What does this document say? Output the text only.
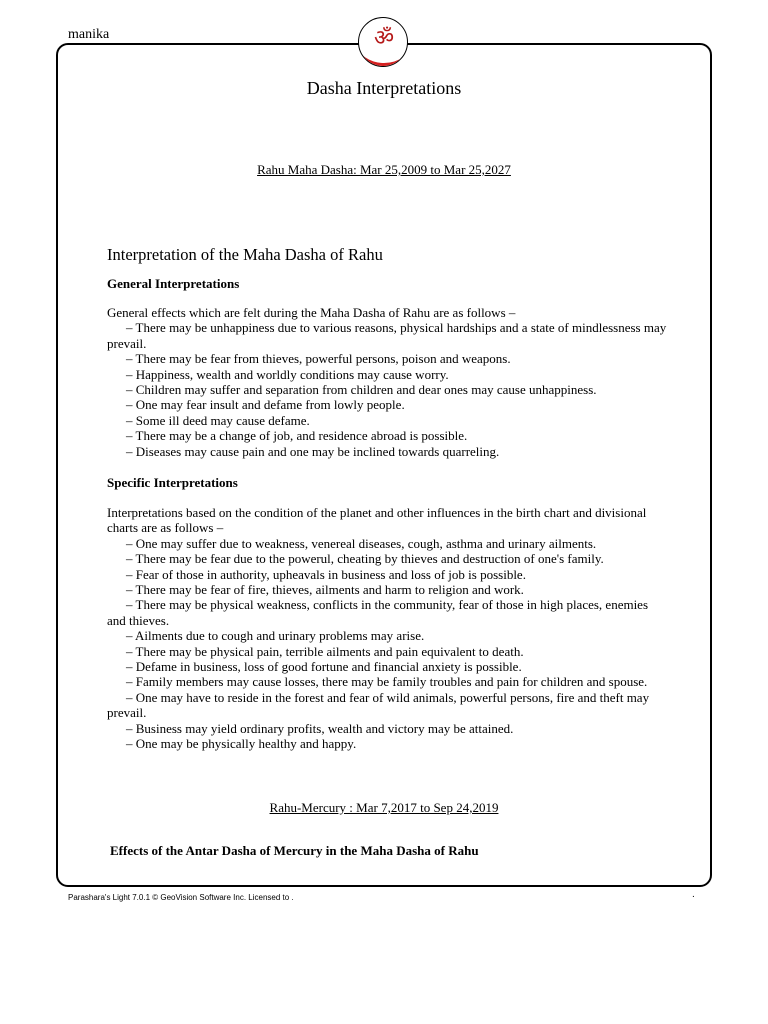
manika	ॐ
Dasha Interpretations
Rahu Maha Dasha: Mar 25,2009 to Mar 25,2027
Interpretation of the Maha Dasha of Rahu
General Interpretations
General effects which are felt during the Maha Dasha of Rahu are as follows –
– There may be unhappiness due to various reasons, physical hardships and a state of mindlessness may prevail.
– There may be fear from thieves, powerful persons, poison and weapons.
– Happiness, wealth and worldly conditions may cause worry.
– Children may suffer and separation from children and dear ones may cause unhappiness.
– One may fear insult and defame from lowly people.
– Some ill deed may cause defame.
– There may be a change of job, and residence abroad is possible.
– Diseases may cause pain and one may be inclined towards quarreling.
Specific Interpretations
Interpretations based on the condition of the planet and other influences in the birth chart and divisional charts are as follows –
– One may suffer due to weakness, venereal diseases, cough, asthma and urinary ailments.
– There may be fear due to the powerul, cheating by thieves and destruction of one's family.
– Fear of those in authority, upheavals in business and loss of job is possible.
– There may be fear of fire, thieves, ailments and harm to religion and work.
– There may be physical weakness, conflicts in the community, fear of those in high places, enemies and thieves.
– Ailments due to cough and urinary problems may arise.
– There may be physical pain, terrible ailments and pain equivalent to death.
– Defame in business, loss of good fortune and financial anxiety is possible.
– Family members may cause losses, there may be family troubles and pain for children and spouse.
– One may have to reside in the forest and fear of wild animals, powerful persons, fire and theft may prevail.
– Business may yield ordinary profits, wealth and victory may be attained.
– One may be physically healthy and happy.
Rahu-Mercury : Mar 7,2017 to Sep 24,2019
Effects of the Antar Dasha of Mercury in the Maha Dasha of Rahu
Parashara's Light 7.0.1 © GeoVision Software Inc. Licensed to .	.
